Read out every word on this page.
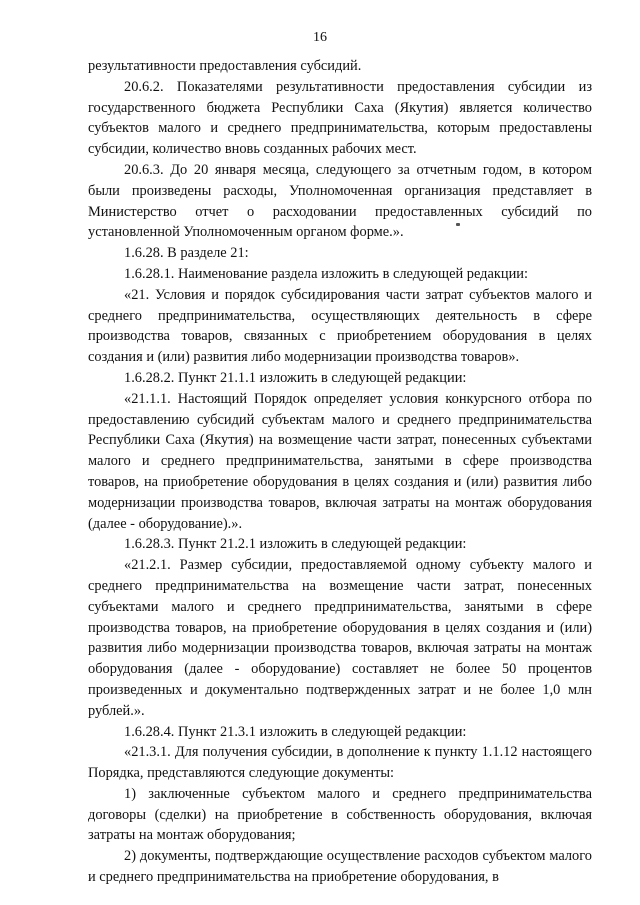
16

результативности предоставления субсидий.

20.6.2. Показателями результативности предоставления субсидии из государственного бюджета Республики Саха (Якутия) является количество субъектов малого и среднего предпринимательства, которым предоставлены субсидии, количество вновь созданных рабочих мест.

20.6.3. До 20 января месяца, следующего за отчетным годом, в котором были произведены расходы, Уполномоченная организация представляет в Министерство отчет о расходовании предоставленных субсидий по установленной Уполномоченным органом форме.».

1.6.28. В разделе 21:

1.6.28.1. Наименование раздела изложить в следующей редакции:

«21. Условия и порядок субсидирования части затрат субъектов малого и среднего предпринимательства, осуществляющих деятельность в сфере производства товаров, связанных с приобретением оборудования в целях создания и (или) развития либо модернизации производства товаров».

1.6.28.2. Пункт 21.1.1 изложить в следующей редакции:

«21.1.1. Настоящий Порядок определяет условия конкурсного отбора по предоставлению субсидий субъектам малого и среднего предпринимательства Республики Саха (Якутия) на возмещение части затрат, понесенных субъектами малого и среднего предпринимательства, занятыми в сфере производства товаров, на приобретение оборудования в целях создания и (или) развития либо модернизации производства товаров, включая затраты на монтаж оборудования (далее - оборудование).».

1.6.28.3. Пункт 21.2.1 изложить в следующей редакции:

«21.2.1. Размер субсидии, предоставляемой одному субъекту малого и среднего предпринимательства на возмещение части затрат, понесенных субъектами малого и среднего предпринимательства, занятыми в сфере производства товаров, на приобретение оборудования в целях создания и (или) развития либо модернизации производства товаров, включая затраты на монтаж оборудования (далее - оборудование) составляет не более 50 процентов произведенных и документально подтвержденных затрат и не более 1,0 млн рублей.».

1.6.28.4. Пункт 21.3.1 изложить в следующей редакции:

«21.3.1. Для получения субсидии, в дополнение к пункту 1.1.12 настоящего Порядка, представляются следующие документы:

1) заключенные субъектом малого и среднего предпринимательства договоры (сделки) на приобретение в собственность оборудования, включая затраты на монтаж оборудования;

2) документы, подтверждающие осуществление расходов субъектом малого и среднего предпринимательства на приобретение оборудования, в
